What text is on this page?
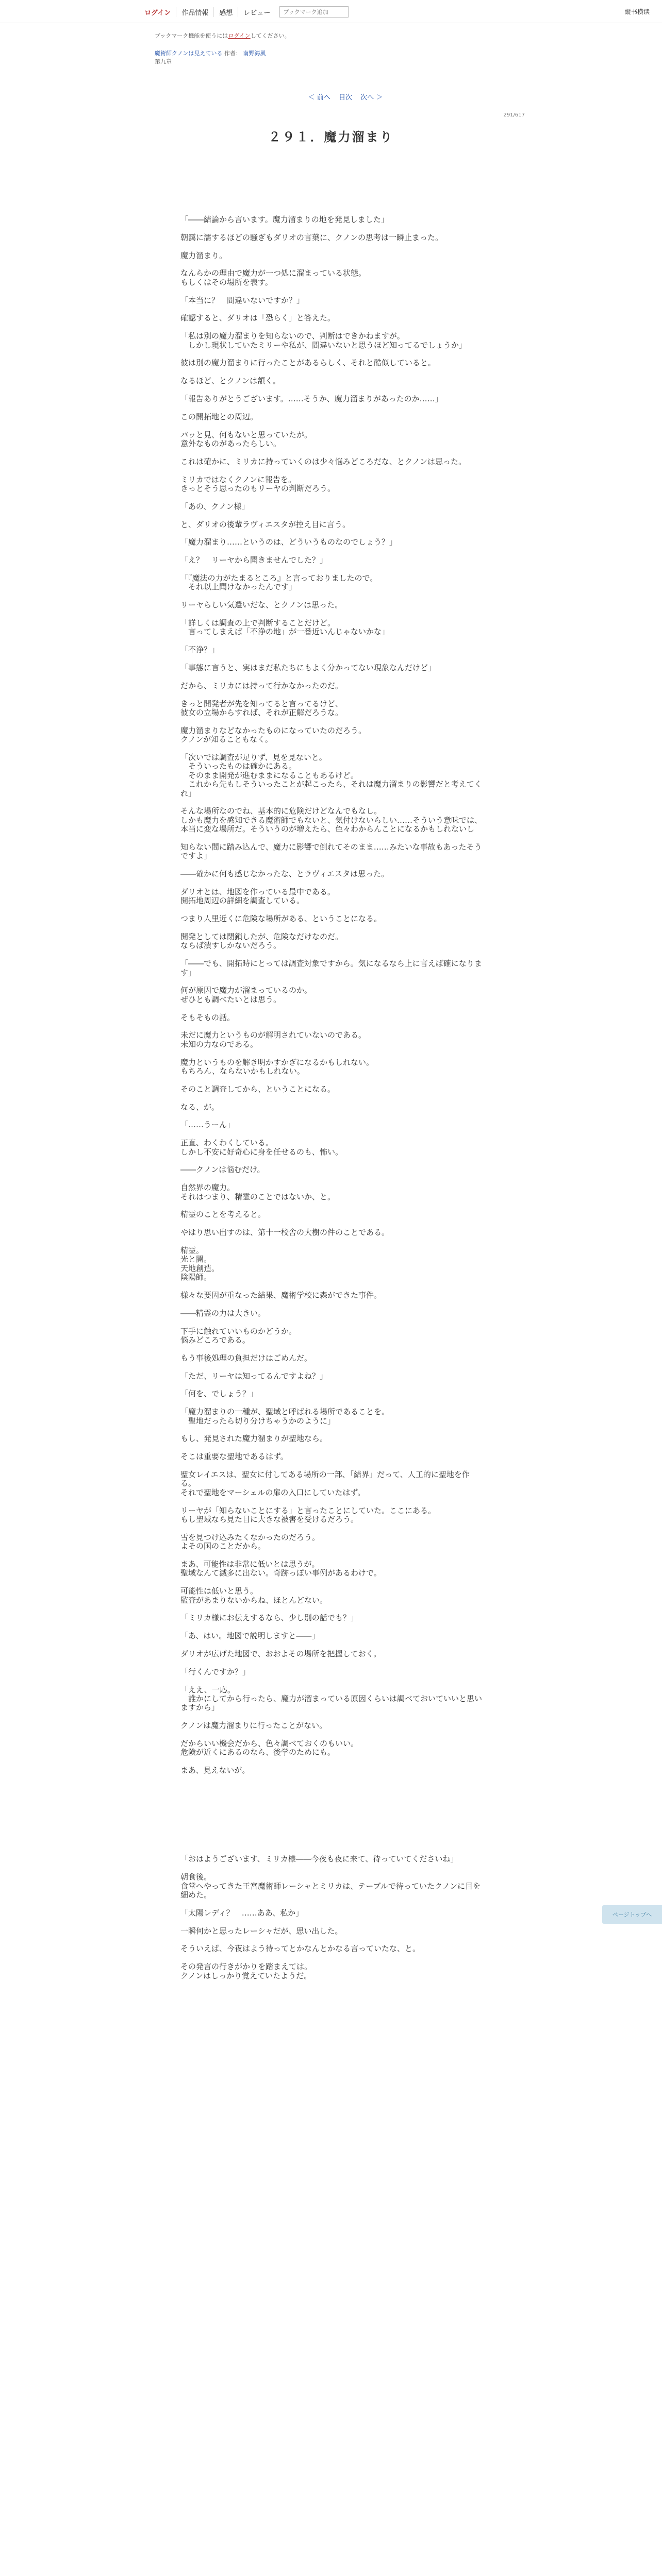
ログイン	作品情報	感想	レビュー
ブックマーク追加	縦书横读
ブックマーク機能を使うにはログインしてください。
魔術師クノンは見えている 作者： 南野海風
第九章
＜ 前へ 目次 次へ ＞
291/617
２９１．魔力溜まり

「――結論から言います。魔力溜まりの地を発見しました」

朝靄に濡するほどの騒ぎもダリオの言葉に、クノンの思考は一瞬止まった。

魔力溜まり。

なんらかの理由で魔力が一つ処に溜まっている状態。
もしくはその場所を表す。

「本当に？　間違いないですか？」

確認すると、ダリオは「恐らく」と答えた。

「私は別の魔力溜まりを知らないので、判断はできかねますが。
　しかし現状していたミリーや私が、間違いないと思うほど知ってるでしょうか」

彼は別の魔力溜まりに行ったことがあるらしく、それと酷似していると。

なるほど、とクノンは頷く。

「報告ありがとうございます。……そうか、魔力溜まりがあったのか……」

この開拓地との周辺。

パッと見、何もないと思っていたが。
意外なものがあったらしい。

これは確かに、ミリカに持っていくのは少々悩みどころだな、とクノンは思った。

ミリカではなくクノンに報告を。
きっとそう思ったのもリーヤの判断だろう。

「あの、クノン様」

と、ダリオの後輩ラヴィエスタが控え目に言う。

「魔力溜まり……というのは、どういうものなのでしょう？」

「え？　リーヤから聞きませんでした？」

「『魔法の力がたまるところ』と言っておりましたので。
　それ以上聞けなかったんです」

リーヤらしい気遣いだな、とクノンは思った。

「詳しくは調査の上で判断することだけど。
　言ってしまえば「不浄の地」が一番近いんじゃないかな」

「不浄？」

「事態に言うと、実はまだ私たちにもよく分かってない現象なんだけど」

だから、ミリカには持って行かなかったのだ。

きっと開発者が先を知ってると言ってるけど、
彼女の立場からすれば、それが正解だろうな。

魔力溜まりなどなかったものになっていたのだろう。
クノンが知ることもなく。

「次いでは調査が足りず、見を見ないと。
　そういったものは確かにある。
　そのまま開発が進むままになることもあるけど。
　これから先もしそういったことが起こったら、それは魔力溜まりの影響だと考えてくれ」

そんな場所なのでね、基本的に危険だけどなんでもなし。
しかも魔力を感知できる魔術師でもないと、気付けないらしい……そういう意味では、本当に変な場所だ。そういうのが増えたら、色々わからんことになるかもしれないし

知らない間に踏み込んで、魔力に影響で倒れてそのまま……みたいな事故もあったそうですよ」

――確かに何も感じなかったな、とラヴィエスタは思った。

ダリオとは、地図を作っている最中である。
開拓地周辺の詳細を調査している。

つまり人里近くに危険な場所がある、ということになる。

開発としては閉鎖したが、危険なだけなのだ。
ならば潰すしかないだろう。

「――でも、開拓時にとっては調査対象ですから。気になるなら上に言えば確になります」

何が原因で魔力が溜まっているのか。
ぜひとも調べたいとは思う。

そもそもの話。

未だに魔力というものが解明されていないのである。
未知の力なのである。

魔力というものを解き明かすかぎになるかもしれない。
もちろん、ならないかもしれない。

そのこと調査してから、ということになる。

なる、が。

「……うーん」

正直、わくわくしている。
しかし不安に好奇心に身を任せるのも、怖い。

――クノンは悩むだけ。

自然界の魔力。
それはつまり、精霊のことではないか、と。

精霊のことを考えると。

やはり思い出すのは、第十一校舎の大樹の件のことである。

精霊。
光と闇。
天地創造。
陰陽師。

様々な要因が重なった結果、魔術学校に森ができた事件。

――精霊の力は大きい。

下手に触れていいものかどうか。
悩みどころである。

もう事後処理の負担だけはごめんだ。

「ただ、リーヤは知ってるんですよね？」

「何を、でしょう？」

「魔力溜まりの一種が、聖域と呼ばれる場所であることを。
　聖地だったら切り分けちゃうかのように」

もし、発見された魔力溜まりが聖地なら。

そこは重要な聖地であるはず。

聖女レイエスは、聖女に付してある場所の一部、「結界」だって、人工的に聖地を作る。
それで聖地をマーシェルの扉の入口にしていたはず。

リーヤが「知らないことにする」と言ったことにしていた。ここにある。
もし聖域なら見た目に大きな被害を受けるだろう。

雪を見つけ込みたくなかったのだろう。
よその国のことだから。

まあ、可能性は非常に低いとは思うが。
聖域なんて滅多に出ない。奇跡っぽい事例があるわけで。

可能性は低いと思う。
監査があまりないからね、ほとんどない。

「ミリカ様にお伝えするなら、少し別の話でも？」

「あ、はい。地図で説明しますと――」

ダリオが広げた地図で、おおよその場所を把握しておく。

「行くんですか？」

「ええ、一応。
　誰かにしてから行ったら、魔力が溜まっている原因くらいは調べておいていいと思いますから」

クノンは魔力溜まりに行ったことがない。

だからいい機会だから、色々調べておくのもいい。
危険が近くにあるのなら、後学のためにも。

まあ、見えないが。

「おはようございます、ミリカ様――今夜も夜に来て、待っていてくださいね」

朝食後。
食堂へやってきた王宮魔術師レーシャとミリカは、テーブルで待っていたクノンに目を細めた。

「太陽レディ？　……ああ、私か」

一瞬何かと思ったレーシャだが、思い出した。

そういえば、今夜はよう待ってとかなんとかなる言っていたな、と。

その発言の行きがかりを踏まえては。
クノンはしっかり覚えていたようだ。

ページトップへ
